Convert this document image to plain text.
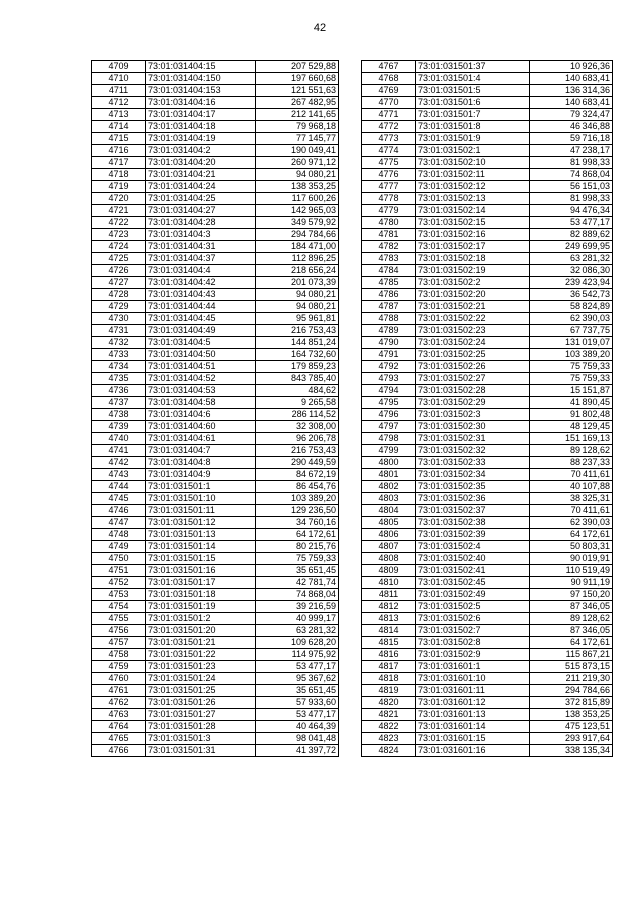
42
4709	73:01:031404:15	207 529,88
4710	73:01:031404:150	197 660,68
4711	73:01:031404:153	121 551,63
4712	73:01:031404:16	267 482,95
4713	73:01:031404:17	212 141,65
4714	73:01:031404:18	79 968,18
4715	73:01:031404:19	77 145,77
4716	73:01:031404:2	190 049,41
4717	73:01:031404:20	260 971,12
4718	73:01:031404:21	94 080,21
4719	73:01:031404:24	138 353,25
4720	73:01:031404:25	117 600,26
4721	73:01:031404:27	142 965,03
4722	73:01:031404:28	349 579,92
4723	73:01:031404:3	294 784,66
4724	73:01:031404:31	184 471,00
4725	73:01:031404:37	112 896,25
4726	73:01:031404:4	218 656,24
4727	73:01:031404:42	201 073,39
4728	73:01:031404:43	94 080,21
4729	73:01:031404:44	94 080,21
4730	73:01:031404:45	95 961,81
4731	73:01:031404:49	216 753,43
4732	73:01:031404:5	144 851,24
4733	73:01:031404:50	164 732,60
4734	73:01:031404:51	179 859,23
4735	73:01:031404:52	843 785,40
4736	73:01:031404:53	484,62
4737	73:01:031404:58	9 265,58
4738	73:01:031404:6	286 114,52
4739	73:01:031404:60	32 308,00
4740	73:01:031404:61	96 206,78
4741	73:01:031404:7	216 753,43
4742	73:01:031404:8	290 449,59
4743	73:01:031404:9	84 672,19
4744	73:01:031501:1	86 454,76
4745	73:01:031501:10	103 389,20
4746	73:01:031501:11	129 236,50
4747	73:01:031501:12	34 760,16
4748	73:01:031501:13	64 172,61
4749	73:01:031501:14	80 215,76
4750	73:01:031501:15	75 759,33
4751	73:01:031501:16	35 651,45
4752	73:01:031501:17	42 781,74
4753	73:01:031501:18	74 868,04
4754	73:01:031501:19	39 216,59
4755	73:01:031501:2	40 999,17
4756	73:01:031501:20	63 281,32
4757	73:01:031501:21	109 628,20
4758	73:01:031501:22	114 975,92
4759	73:01:031501:23	53 477,17
4760	73:01:031501:24	95 367,62
4761	73:01:031501:25	35 651,45
4762	73:01:031501:26	57 933,60
4763	73:01:031501:27	53 477,17
4764	73:01:031501:28	40 464,39
4765	73:01:031501:3	98 041,48
4766	73:01:031501:31	41 397,72
4767	73:01:031501:37	10 926,36
4768	73:01:031501:4	140 683,41
4769	73:01:031501:5	136 314,36
4770	73:01:031501:6	140 683,41
4771	73:01:031501:7	79 324,47
4772	73:01:031501:8	46 346,88
4773	73:01:031501:9	59 716,18
4774	73:01:031502:1	47 238,17
4775	73:01:031502:10	81 998,33
4776	73:01:031502:11	74 868,04
4777	73:01:031502:12	56 151,03
4778	73:01:031502:13	81 998,33
4779	73:01:031502:14	94 476,34
4780	73:01:031502:15	53 477,17
4781	73:01:031502:16	82 889,62
4782	73:01:031502:17	249 699,95
4783	73:01:031502:18	63 281,32
4784	73:01:031502:19	32 086,30
4785	73:01:031502:2	239 423,94
4786	73:01:031502:20	36 542,73
4787	73:01:031502:21	58 824,89
4788	73:01:031502:22	62 390,03
4789	73:01:031502:23	67 737,75
4790	73:01:031502:24	131 019,07
4791	73:01:031502:25	103 389,20
4792	73:01:031502:26	75 759,33
4793	73:01:031502:27	75 759,33
4794	73:01:031502:28	15 151,87
4795	73:01:031502:29	41 890,45
4796	73:01:031502:3	91 802,48
4797	73:01:031502:30	48 129,45
4798	73:01:031502:31	151 169,13
4799	73:01:031502:32	89 128,62
4800	73:01:031502:33	88 237,33
4801	73:01:031502:34	70 411,61
4802	73:01:031502:35	40 107,88
4803	73:01:031502:36	38 325,31
4804	73:01:031502:37	70 411,61
4805	73:01:031502:38	62 390,03
4806	73:01:031502:39	64 172,61
4807	73:01:031502:4	50 803,31
4808	73:01:031502:40	90 019,91
4809	73:01:031502:41	110 519,49
4810	73:01:031502:45	90 911,19
4811	73:01:031502:49	97 150,20
4812	73:01:031502:5	87 346,05
4813	73:01:031502:6	89 128,62
4814	73:01:031502:7	87 346,05
4815	73:01:031502:8	64 172,61
4816	73:01:031502:9	115 867,21
4817	73:01:031601:1	515 873,15
4818	73:01:031601:10	211 219,30
4819	73:01:031601:11	294 784,66
4820	73:01:031601:12	372 815,89
4821	73:01:031601:13	138 353,25
4822	73:01:031601:14	475 123,51
4823	73:01:031601:15	293 917,64
4824	73:01:031601:16	338 135,34
